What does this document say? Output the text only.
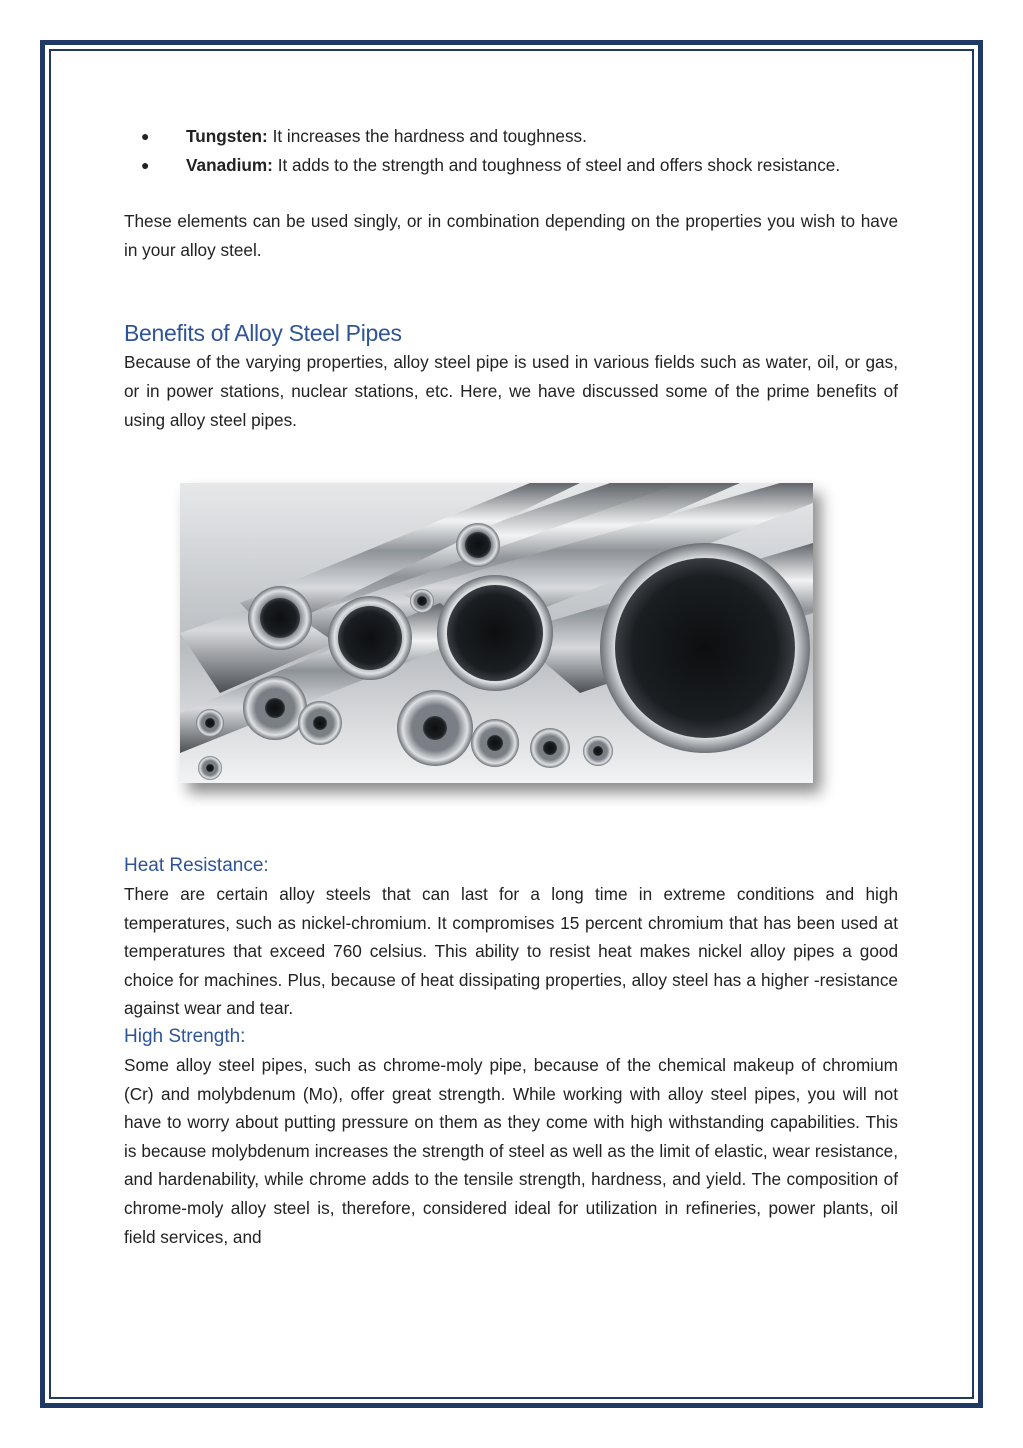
● Tungsten: It increases the hardness and toughness.
● Vanadium: It adds to the strength and toughness of steel and offers shock resistance.

These elements can be used singly, or in combination depending on the properties you wish to have in your alloy steel.

Benefits of Alloy Steel Pipes

Because of the varying properties, alloy steel pipe is used in various fields such as water, oil, or gas, or in power stations, nuclear stations, etc. Here, we have discussed some of the prime benefits of using alloy steel pipes.

Heat Resistance:

There are certain alloy steels that can last for a long time in extreme conditions and high temperatures, such as nickel-chromium. It compromises 15 percent chromium that has been used at temperatures that exceed 760 celsius. This ability to resist heat makes nickel alloy pipes a good choice for machines. Plus, because of heat dissipating properties, alloy steel has a higher -resistance against wear and tear.

High Strength:

Some alloy steel pipes, such as chrome-moly pipe, because of the chemical makeup of chromium (Cr) and molybdenum (Mo), offer great strength. While working with alloy steel pipes, you will not have to worry about putting pressure on them as they come with high withstanding capabilities. This is because molybdenum increases the strength of steel as well as the limit of elastic, wear resistance, and hardenability, while chrome adds to the tensile strength, hardness, and yield. The composition of chrome-moly alloy steel is, therefore, considered ideal for utilization in refineries, power plants, oil field services, and
